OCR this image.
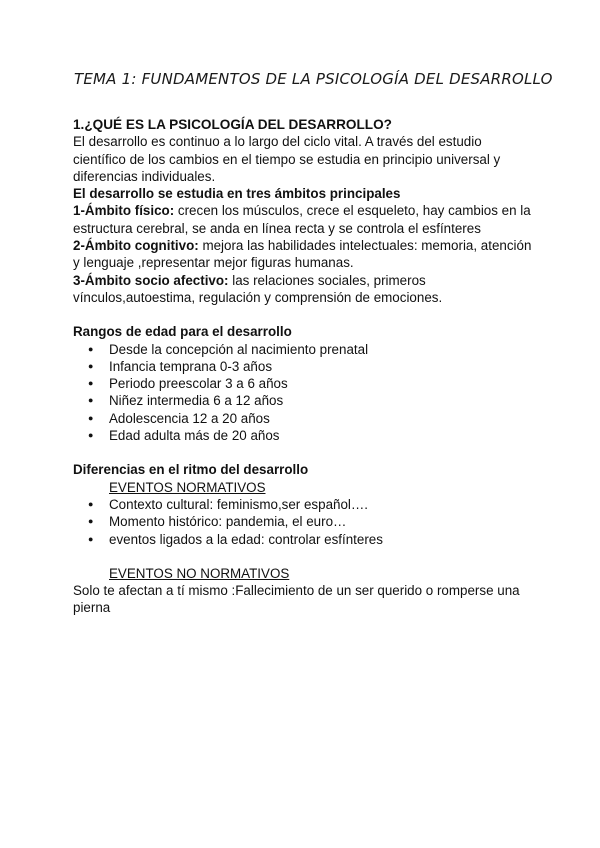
TEMA 1: FUNDAMENTOS DE LA PSICOLOGÍA DEL DESARROLLO

1.¿QUÉ ES LA PSICOLOGÍA DEL DESARROLLO?

El desarrollo es continuo a lo largo del ciclo vital. A través del estudio

científico de los cambios en el tiempo se estudia en principio universal y

diferencias individuales.

El desarrollo se estudia en tres ámbitos principales

1-Ámbito físico: crecen los músculos, crece el esqueleto, hay cambios en la

estructura cerebral, se anda en línea recta y se controla el esfínteres

2-Ámbito cognitivo: mejora las habilidades intelectuales: memoria, atención

y lenguaje ,representar mejor figuras humanas.

3-Ámbito socio afectivo: las relaciones sociales, primeros

vínculos,autoestima, regulación y comprensión de emociones.

Rangos de edad para el desarrollo

● Desde la concepción al nacimiento prenatal
● Infancia temprana 0-3 años
● Periodo preescolar 3 a 6 años
● Niñez intermedia 6 a 12 años
● Adolescencia 12 a 20 años
● Edad adulta más de 20 años

Diferencias en el ritmo del desarrollo

EVENTOS NORMATIVOS
● Contexto cultural: feminismo,ser español….
● Momento histórico: pandemia, el euro…
● eventos ligados a la edad: controlar esfínteres
EVENTOS NO NORMATIVOS

Solo te afectan a tí mismo :Fallecimiento de un ser querido o romperse una

pierna
